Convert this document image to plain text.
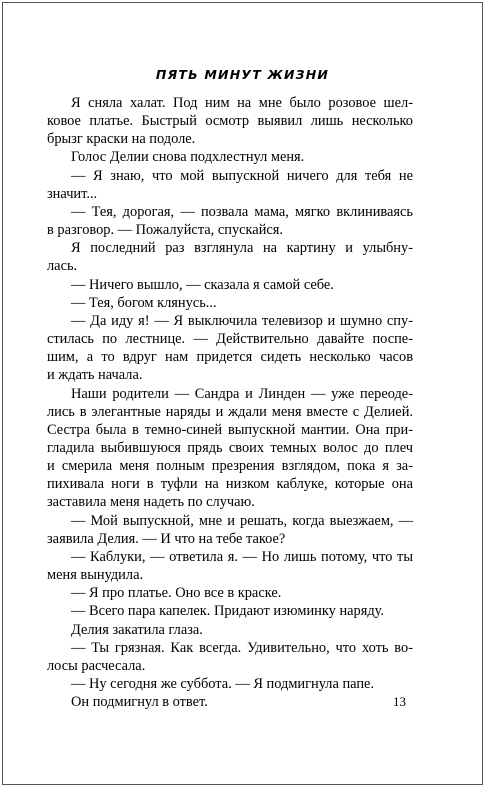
ПЯТЬ МИНУТ ЖИЗНИ

Я сняла халат. Под ним на мне было розовое шел-
ковое платье. Быстрый осмотр выявил лишь несколько
брызг краски на подоле.

Голос Делии снова подхлестнул меня.

— Я знаю, что мой выпускной ничего для тебя не
значит...

— Тея, дорогая, — позвала мама, мягко вклиниваясь
в разговор. — Пожалуйста, спускайся.

Я последний раз взглянула на картину и улыбну-
лась.

— Ничего вышло, — сказала я самой себе.

— Тея, богом клянусь...

— Да иду я! — Я выключила телевизор и шумно спу-
стилась по лестнице. — Действительно давайте поспе-
шим, а то вдруг нам придется сидеть несколько часов
и ждать начала.

Наши родители — Сандра и Линден — уже переоде-
лись в элегантные наряды и ждали меня вместе с Делией.
Сестра была в темно-синей выпускной мантии. Она при-
гладила выбившуюся прядь своих темных волос до плеч
и смерила меня полным презрения взглядом, пока я за-
пихивала ноги в туфли на низком каблуке, которые она
заставила меня надеть по случаю.

— Мой выпускной, мне и решать, когда выезжаем, —
заявила Делия. — И что на тебе такое?

— Каблуки, — ответила я. — Но лишь потому, что ты
меня вынудила.

— Я про платье. Оно все в краске.

— Всего пара капелек. Придают изюминку наряду.

Делия закатила глаза.

— Ты грязная. Как всегда. Удивительно, что хоть во-
лосы расчесала.

— Ну сегодня же суббота. — Я подмигнула папе.

Он подмигнул в ответ.	13
